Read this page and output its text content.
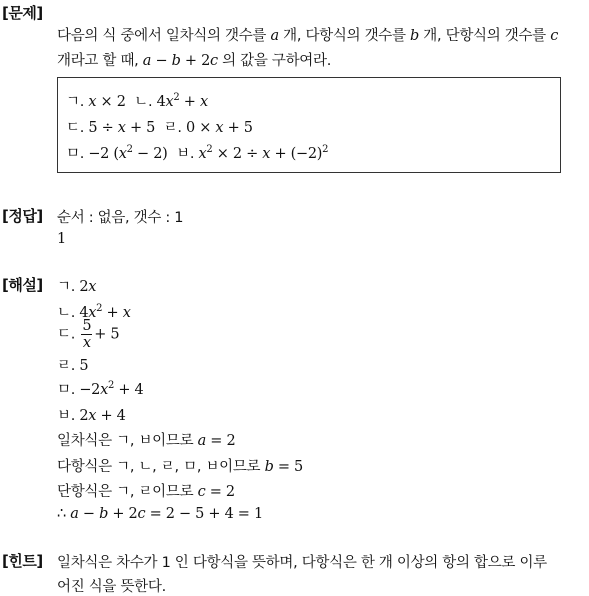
[문제]
다음의 식 중에서 일차식의 갯수를 a 개, 다항식의 갯수를 b 개, 단항식의 갯수를 c
개라고 할 때, a − b + 2c 의 값을 구하여라.
ㄱ. x × 2  ㄴ. $4x^2 + x$
ㄷ. 5 ÷ x + 5  ㄹ. 0 × x + 5
ㅁ. −2 $(x^2 - 2)$  ㅂ. $x^2 \times 2 \div x + (-2)^2$
[정답] 순서 : 없음, 갯수 : 1
1
[해설] ㄱ. 2x
ㄴ. $4x^2 + x$
ㄷ. $\frac{5}{x} + 5$
ㄹ. 5
ㅁ. $-2x^2 + 4$
ㅂ. 2x + 4
일차식은 ㄱ, ㅂ이므로 a = 2
다항식은 ㄱ, ㄴ, ㄹ, ㅁ, ㅂ이므로 b = 5
단항식은 ㄱ, ㄹ이므로 c = 2
∴ a − b + 2c = 2 − 5 + 4 = 1
[힌트] 일차식은 차수가 1 인 다항식을 뜻하며, 다항식은 한 개 이상의 항의 합으로 이루
어진 식을 뜻한다.
